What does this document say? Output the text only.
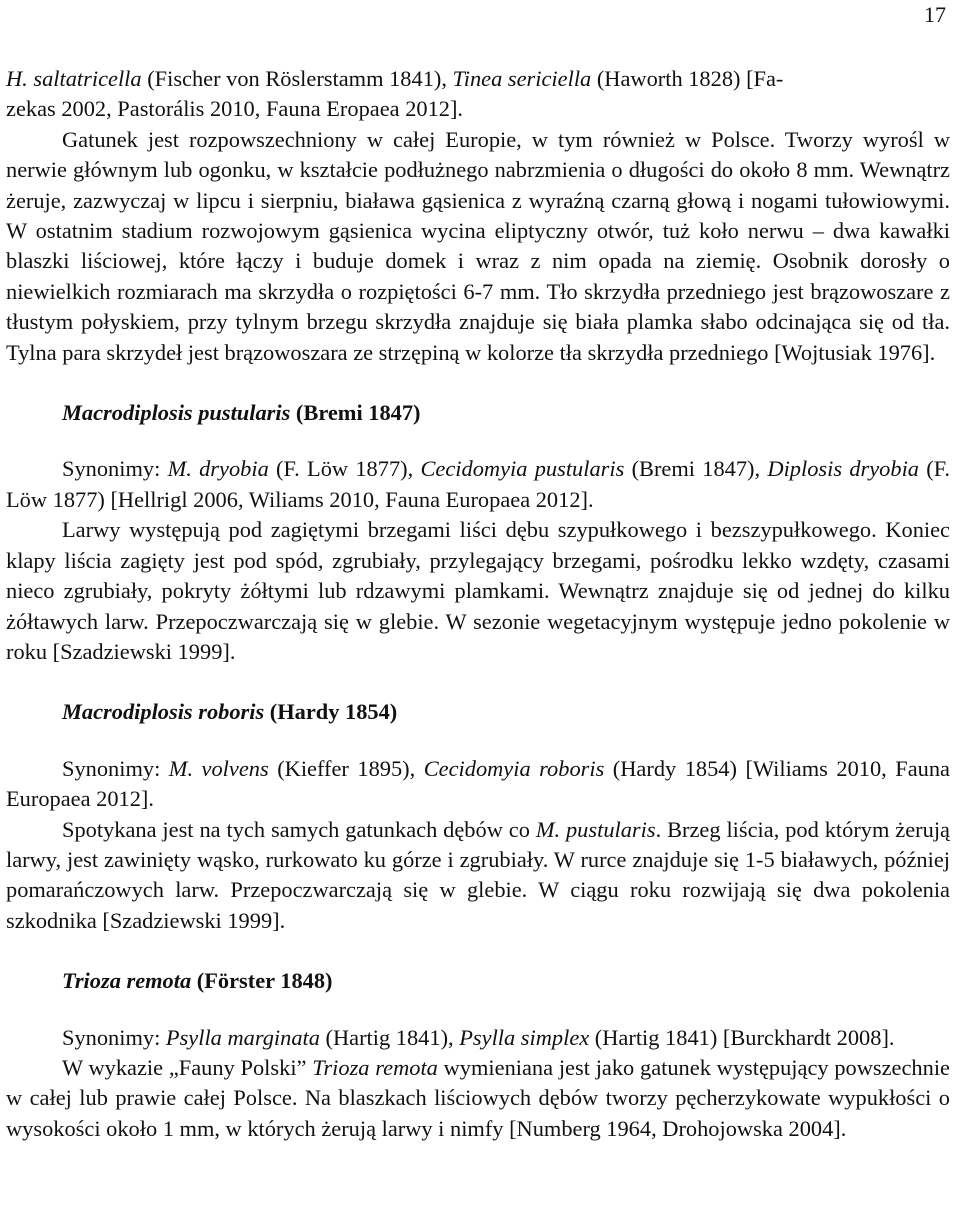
17

H. saltatricella (Fischer von Röslerstamm 1841), Tinea sericiella (Haworth 1828) [Fa-
zekas 2002, Pastorális 2010, Fauna Eropaea 2012].

Gatunek jest rozpowszechniony w całej Europie, w tym również w Polsce. Tworzy wyrośl w nerwie głównym lub ogonku, w kształcie podłużnego nabrzmienia o długości do około 8 mm. Wewnątrz żeruje, zazwyczaj w lipcu i sierpniu, biaława gąsienica z wyraźną czarną głową i nogami tułowiowymi. W ostatnim stadium rozwojowym gąsienica wycina eliptyczny otwór, tuż koło nerwu – dwa kawałki blaszki liściowej, które łączy i buduje domek i wraz z nim opada na ziemię. Osobnik dorosły o niewielkich rozmiarach ma skrzydła o rozpiętości 6-7 mm. Tło skrzydła przedniego jest brązowoszare z tłustym połyskiem, przy tylnym brzegu skrzydła znajduje się biała plamka słabo odcinająca się od tła. Tylna para skrzydeł jest brązowoszara ze strzępiną w kolorze tła skrzydła przedniego [Wojtusiak 1976].

Macrodiplosis pustularis (Bremi 1847)

Synonimy: M. dryobia (F. Löw 1877), Cecidomyia pustularis (Bremi 1847), Diplosis dryobia (F. Löw 1877) [Hellrigl 2006, Wiliams 2010, Fauna Europaea 2012].

Larwy występują pod zagiętymi brzegami liści dębu szypułkowego i bezszypułkowego. Koniec klapy liścia zagięty jest pod spód, zgrubiały, przylegający brzegami, pośrodku lekko wzdęty, czasami nieco zgrubiały, pokryty żółtymi lub rdzawymi plamkami. Wewnątrz znajduje się od jednej do kilku żółtawych larw. Przepoczwarczają się w glebie. W sezonie wegetacyjnym występuje jedno pokolenie w roku [Szadziewski 1999].

Macrodiplosis roboris (Hardy 1854)

Synonimy: M. volvens (Kieffer 1895), Cecidomyia roboris (Hardy 1854) [Wiliams 2010, Fauna Europaea 2012].

Spotykana jest na tych samych gatunkach dębów co M. pustularis. Brzeg liścia, pod którym żerują larwy, jest zawinięty wąsko, rurkowato ku górze i zgrubiały. W rurce znajduje się 1-5 białawych, później pomarańczowych larw. Przepoczwarczają się w glebie. W ciągu roku rozwijają się dwa pokolenia szkodnika [Szadziewski 1999].

Trioza remota (Förster 1848)

Synonimy: Psylla marginata (Hartig 1841), Psylla simplex (Hartig 1841) [Burckhardt 2008].

W wykazie „Fauny Polski” Trioza remota wymieniana jest jako gatunek występujący powszechnie w całej lub prawie całej Polsce. Na blaszkach liściowych dębów tworzy pęcherzykowate wypukłości o wysokości około 1 mm, w których żerują larwy i nimfy [Numberg 1964, Drohojowska 2004].
